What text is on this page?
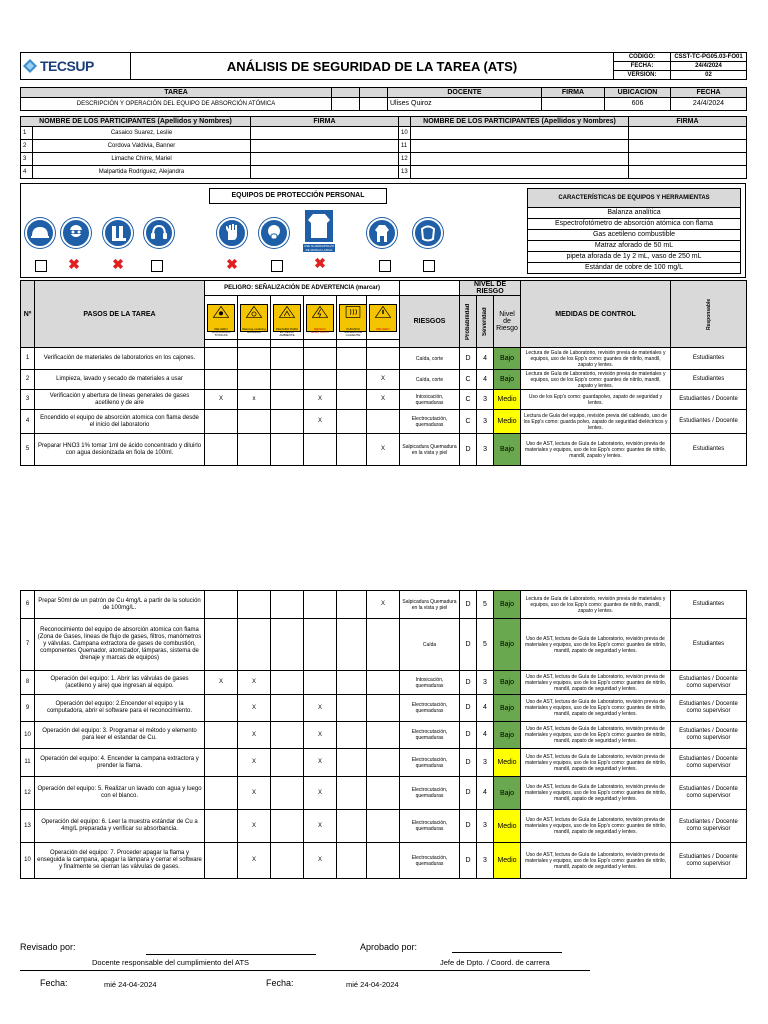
TECSUP	ANÁLISIS DE SEGURIDAD DE LA TAREA (ATS)	CÓDIGO:	CSST-TC-PG05.03-FO01
		FECHA:	24/4/2024
		VERSIÓN:	02
TAREA			DOCENTE	FIRMA	UBICACIÓN	FECHA
DESCRIPCIÓN Y OPERACIÓN DEL EQUIPO DE ABSORCIÓN ATÓMICA			Ulises Quiroz		606	24/4/2024
NOMBRE DE LOS PARTICIPANTES (Apellidos y Nombres)		FIRMA		NOMBRE DE LOS PARTICIPANTES (Apellidos y Nombres)	FIRMA
1	Casaico Suarez, Leslie		10		
2	Cordova Valdivia, Banner		11		
3	Limache Chirre, Mariel		12		
4	Malpartida Rodriguez, Alejandra		13		
EQUIPOS DE PROTECCIÓN PERSONAL
USE GUARDAPOLVO DE MANGA LARGA
✖ ✖	✖	✖
CARACTERÍSTICAS DE EQUIPOS Y HERRAMIENTAS
Balanza analítica
Espectrofotómetro de absorción atómica con flama
Gas acetileno combustible
Matraz aforado de 50 mL
pipeta aforada de 1y 2 mL, vaso de 250 mL
Estándar de cobre de 100 mg/L
Nº	PASOS DE LA TAREA	PELIGRO: SEÑALIZACIÓN DE ADVERTENCIA (marcar)							NIVEL DE RIESGO			MEDIDAS DE CONTROL	Responsable

		PELIGRO SUSTANCIAS TÓXICAS	Warning oxidizing substance	PELIGRO PARA EL MEDIO AMBIENTE	RIESGO ELÉCTRICO	CUIDADO SUPERFICIE CALIENTE	PELIGRO	RIESGOS	Probabilidad	Severidad	Nivel de Riesgo		

1	Verificación de materiales de laboratorios en los cajones.							Caída, corte	D	4	Bajo	Lectura de Guía de Laboratorio, revisión previa de materiales y equipos, uso de los Epp's como: guantes de nitrilo, mandil, zapato y lentes.	Estudiantes
2	Limpieza, lavado y secado de materiales a usar						X	Caída, corte	C	4	Bajo	Lectura de Guía de Laboratorio, revisión previa de materiales y equipos, uso de los Epp's como: guantes de nitrilo, mandil, zapato y lentes.	Estudiantes
3	Verificación y abertura de líneas generales de gases acetileno y de aire	X	x		X		X	Intoxicación, quemaduras	C	3	Medio	Uso de los Epp's como: guardapolvo, zapato de seguridad y lentes.	Estudiantes / Docente
4	Encendido el equipo de absorción atomica con flama desde el inicio del laboratorio				X			Electrocutación, quemaduras	C	3	Medio	Lectura de Guía del equipo, revisión previa del cableado, uso de los Epp's como: guarda polvo, zapato de seguridad dieléctricos y lentes.	Estudiantes / Docente
5	Preparar HNO3 1% tomar 1ml de ácido concentrado y diluirlo con agua desionizada en fiola de 100ml.						X	Salpicadura Quemadura en la vista y piel	D	3	Bajo	Uso de AST, lectura de Guía de Laboratorio, revisión previa de materiales y equipos, uso de los Epp's como: guantes de nitrilo, mandil, zapato y lentes.	Estudiantes
6	Prepar 50ml de un patrón de Cu 4mg/L a partir de la solución de 100mg/L.						X	Salpicadura Quemadura en la vista y piel	D	5	Bajo	Lectura de Guía de Laboratorio, revisión previa de materiales y equipos, uso de los Epp's como: guantes de nitrilo, mandil, zapato y lentes.	Estudiantes
7	Reconocimiento del equipo de absorción atomica con flama (Zona de Gases, lineas de flujo de gases, filtros, manómetros y válvulas. Campana extractora de gases de combustión, componentes Quemador, atomizador, lámparas, sistema de drenaje y marcas de equipos)							Caída	D	5	Bajo	Uso de AST, lectura de Guía de Laboratorio, revisión previa de materiales y equipos, uso de los Epp's como: guantes de nitrilo, mandil, zapato de seguridad y lentes.	Estudiantes
8	Operación del equipo: 1. Abrir las válvulas de gases (acetileno y aire) que ingresan al equipo.	X	X					Intoxicación, quemaduras	D	3	Bajo	Uso de AST, lectura de Guía de Laboratorio, revisión previa de materiales y equipos, uso de los Epp's como: guantes de nitrilo, mandil, zapato de seguridad y lentes.	Estudiantes / Docente como supervisor
9	Operación del equipo: 2.Encender el equipo y la computadora, abrir el software para el reconocimiento.		X		X			Electrocutación, quemaduras	D	4	Bajo	Uso de AST, lectura de Guía de Laboratorio, revisión previa de materiales y equipos, uso de los Epp's como: guantes de nitrilo, mandil, zapato de seguridad y lentes.	Estudiantes / Docente como supervisor
10	Operación del equipo: 3. Programar el método y elemento para leer el estandar de Cu.		X		X			Electrocutación, quemaduras	D	4	Bajo	Uso de AST, lectura de Guía de Laboratorio, revisión previa de materiales y equipos, uso de los Epp's como: guantes de nitrilo, mandil, zapato de seguridad y lentes.	Estudiantes / Docente como supervisor
11	Operación del equipo: 4. Encender la campana extractora y prender la flama.		X		X			Electrocutación, quemaduras	D	3	Medio	Uso de AST, lectura de Guía de Laboratorio, revisión previa de materiales y equipos, uso de los Epp's como: guantes de nitrilo, mandil, zapato de seguridad y lentes.	Estudiantes / Docente como supervisor
12	Operación del equipo: 5. Realizar un lavado con agua y luego con el blanco.		X		X			Electrocutación, quemaduras	D	4	Bajo	Uso de AST, lectura de Guía de Laboratorio, revisión previa de materiales y equipos, uso de los Epp's como: guantes de nitrilo, mandil, zapato de seguridad y lentes.	Estudiantes / Docente como supervisor
13	Operación del equipo: 6. Leer la muestra estándar de Cu a 4mg/L preparada y verificar su absorbancia.		X		X			Electrocutación, quemaduras	D	3	Medio	Uso de AST, lectura de Guía de Laboratorio, revisión previa de materiales y equipos, uso de los Epp's como: guantes de nitrilo, mandil, zapato de seguridad y lentes.	Estudiantes / Docente como supervisor
10	Operación del equipo: 7. Proceder apagar la flama y enseguida la campana, apagar la lámpara y cerrar el software y finalmente se cierran las válvulas de gases.		X		X			Electrocutación, quemaduras	D	3	Medio	Uso de AST, lectura de Guía de Laboratorio, revisión previa de materiales y equipos, uso de los Epp's como: guantes de nitrilo, mandil, zapato de seguridad y lentes.	Estudiantes / Docente como supervisor
Revisado por:	Aprobado por:
Docente responsable del cumplimiento del ATS	Jefe de Dpto. / Coord. de carrera
Fecha:	mié 24-04-2024	Fecha:	mié 24-04-2024
